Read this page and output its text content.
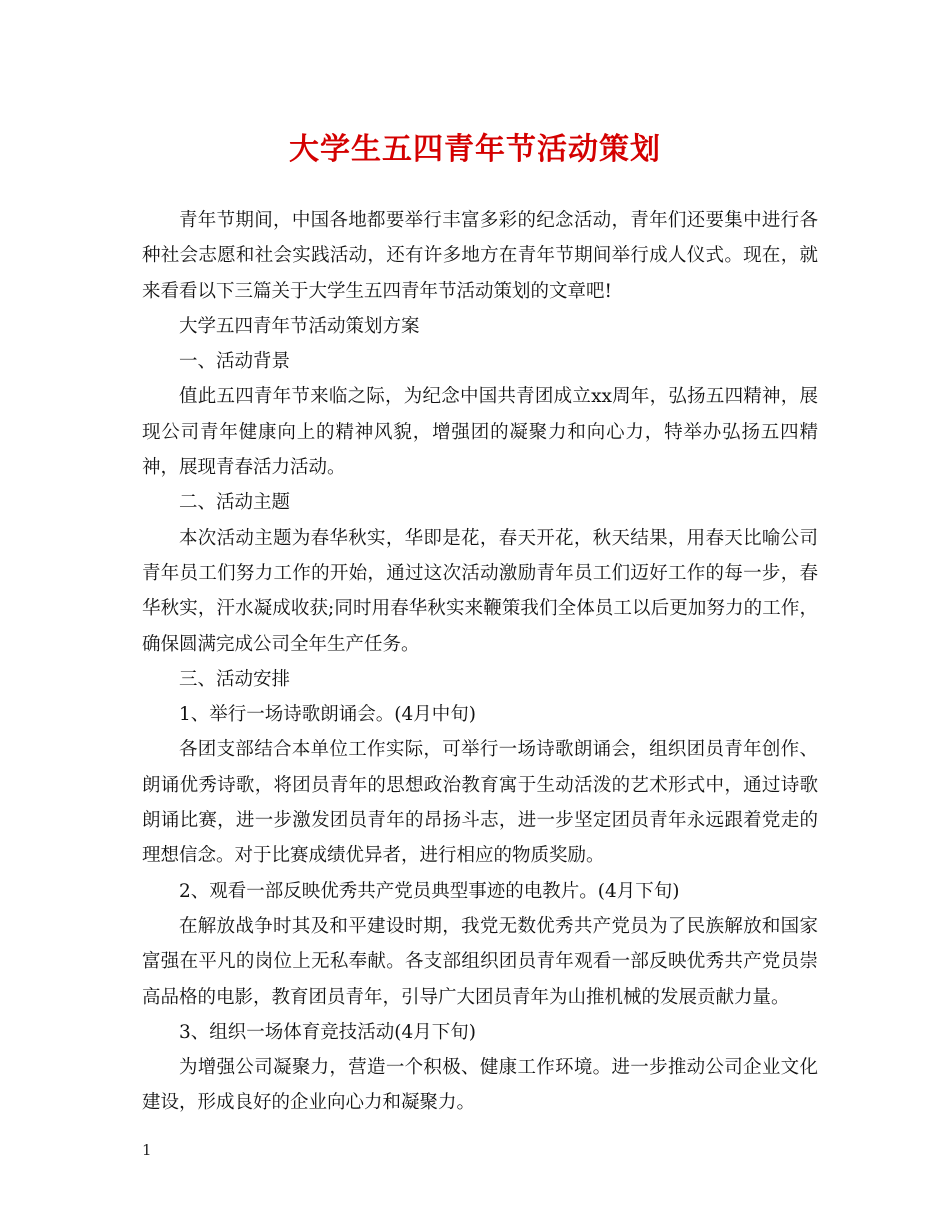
大学生五四青年节活动策划

青年节期间，中国各地都要举行丰富多彩的纪念活动，青年们还要集中进行各种社会志愿和社会实践活动，还有许多地方在青年节期间举行成人仪式。现在，就来看看以下三篇关于大学生五四青年节活动策划的文章吧!

大学五四青年节活动策划方案

一、活动背景

值此五四青年节来临之际，为纪念中国共青团成立xx周年，弘扬五四精神，展现公司青年健康向上的精神风貌，增强团的凝聚力和向心力，特举办弘扬五四精神，展现青春活力活动。

二、活动主题

本次活动主题为春华秋实，华即是花，春天开花，秋天结果，用春天比喻公司青年员工们努力工作的开始，通过这次活动激励青年员工们迈好工作的每一步，春华秋实，汗水凝成收获;同时用春华秋实来鞭策我们全体员工以后更加努力的工作，确保圆满完成公司全年生产任务。

三、活动安排

1、举行一场诗歌朗诵会。(4月中旬)

各团支部结合本单位工作实际，可举行一场诗歌朗诵会，组织团员青年创作、朗诵优秀诗歌，将团员青年的思想政治教育寓于生动活泼的艺术形式中，通过诗歌朗诵比赛，进一步激发团员青年的昂扬斗志，进一步坚定团员青年永远跟着党走的理想信念。对于比赛成绩优异者，进行相应的物质奖励。

2、观看一部反映优秀共产党员典型事迹的电教片。(4月下旬)

在解放战争时其及和平建设时期，我党无数优秀共产党员为了民族解放和国家富强在平凡的岗位上无私奉献。各支部组织团员青年观看一部反映优秀共产党员崇高品格的电影，教育团员青年，引导广大团员青年为山推机械的发展贡献力量。

3、组织一场体育竞技活动(4月下旬)

为增强公司凝聚力，营造一个积极、健康工作环境。进一步推动公司企业文化建设，形成良好的企业向心力和凝聚力。

1
